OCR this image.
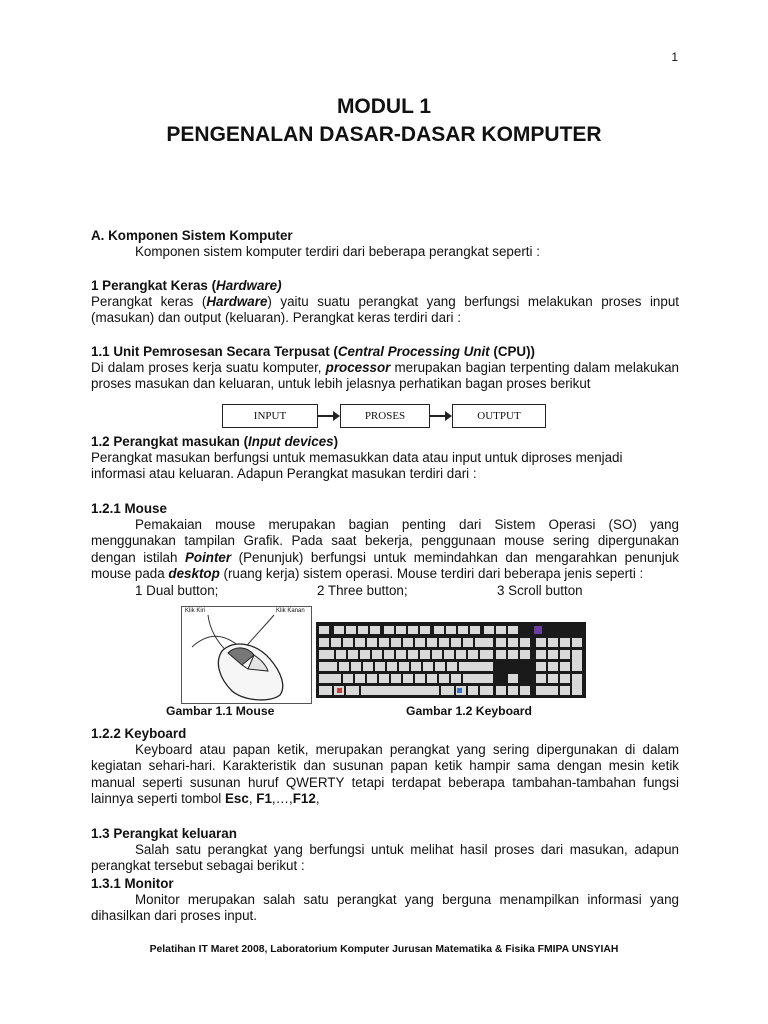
1
MODUL 1
PENGENALAN DASAR-DASAR KOMPUTER

A. Komponen Sistem Komputer

Komponen sistem komputer terdiri dari beberapa perangkat seperti :

1 Perangkat Keras (Hardware)

Perangkat keras (Hardware) yaitu suatu perangkat yang berfungsi melakukan proses input (masukan) dan output (keluaran). Perangkat keras terdiri dari :

1.1 Unit Pemrosesan Secara Terpusat (Central Processing Unit (CPU))

Di dalam proses kerja suatu komputer, processor merupakan bagian terpenting dalam melakukan proses masukan dan keluaran, untuk lebih jelasnya perhatikan bagan proses berikut

INPUT	PROSES	OUTPUT

1.2 Perangkat masukan (Input devices)

Perangkat masukan berfungsi untuk memasukkan data atau input untuk diproses menjadi informasi atau keluaran. Adapun Perangkat masukan terdiri dari :

1.2.1 Mouse

Pemakaian mouse merupakan bagian penting dari Sistem Operasi (SO) yang menggunakan tampilan Grafik. Pada saat bekerja, penggunaan mouse sering dipergunakan dengan istilah Pointer (Penunjuk) berfungsi untuk memindahkan dan mengarahkan penunjuk mouse pada desktop (ruang kerja) sistem operasi. Mouse terdiri dari beberapa jenis seperti :

1 Dual button;	2 Three button;	3 Scroll button
Klik Kiri	Klik Kanan
Gambar 1.1 Mouse	Gambar 1.2 Keyboard

1.2.2 Keyboard

Keyboard atau papan ketik, merupakan perangkat yang sering dipergunakan di dalam kegiatan sehari-hari. Karakteristik dan susunan papan ketik hampir sama dengan mesin ketik manual seperti susunan huruf QWERTY tetapi terdapat beberapa tambahan-tambahan fungsi lainnya seperti tombol Esc, F1,…,F12,

1.3 Perangkat keluaran

Salah satu perangkat yang berfungsi untuk melihat hasil proses dari masukan, adapun perangkat tersebut sebagai berikut :

1.3.1 Monitor

Monitor merupakan salah satu perangkat yang berguna menampilkan informasi yang dihasilkan dari proses input.

Pelatihan IT Maret 2008, Laboratorium Komputer Jurusan Matematika & Fisika FMIPA UNSYIAH
